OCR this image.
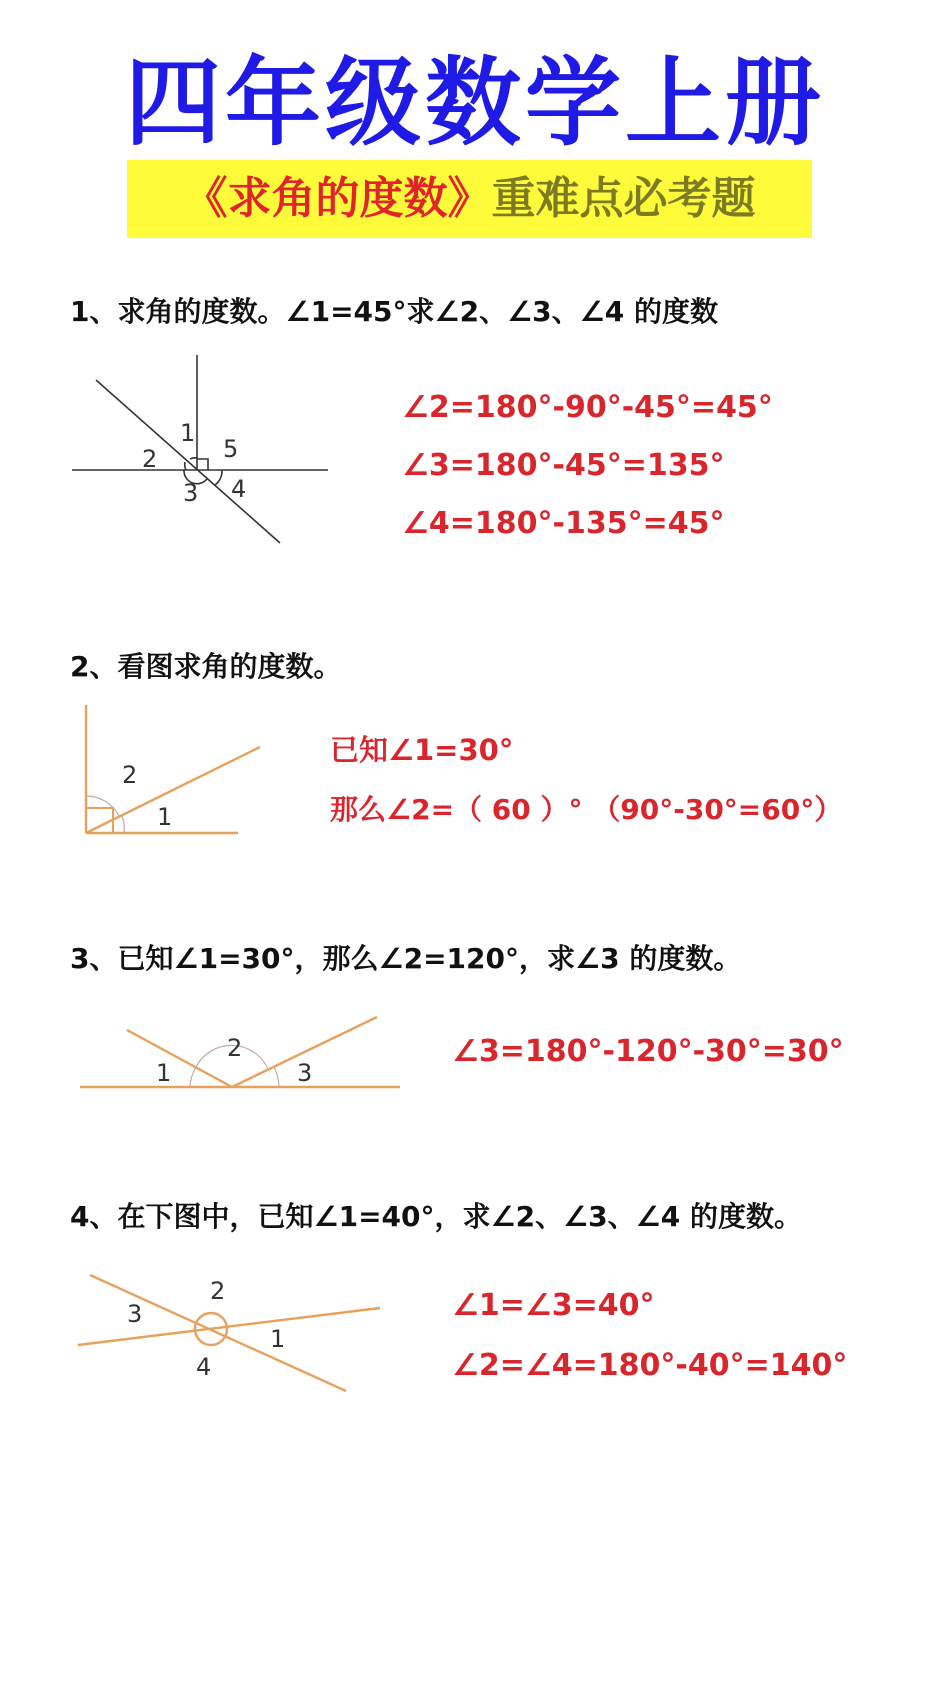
四年级数学上册
《求角的度数》重难点必考题
1、求角的度数。∠1=45°求∠2、∠3、∠4 的度数
1
2
3 4
5
2
1
1
2
3
3
2
1
4
∠2=180°-90°-45°=45°
∠3=180°-45°=135°
∠4=180°-135°=45°
2、看图求角的度数。
已知∠1=30°
那么∠2=（ 60 ）° （90°-30°=60°）
3、已知∠1=30°，那么∠2=120°，求∠3 的度数。
∠3=180°-120°-30°=30°
4、在下图中，已知∠1=40°，求∠2、∠3、∠4 的度数。
∠1=∠3=40°
∠2=∠4=180°-40°=140°
